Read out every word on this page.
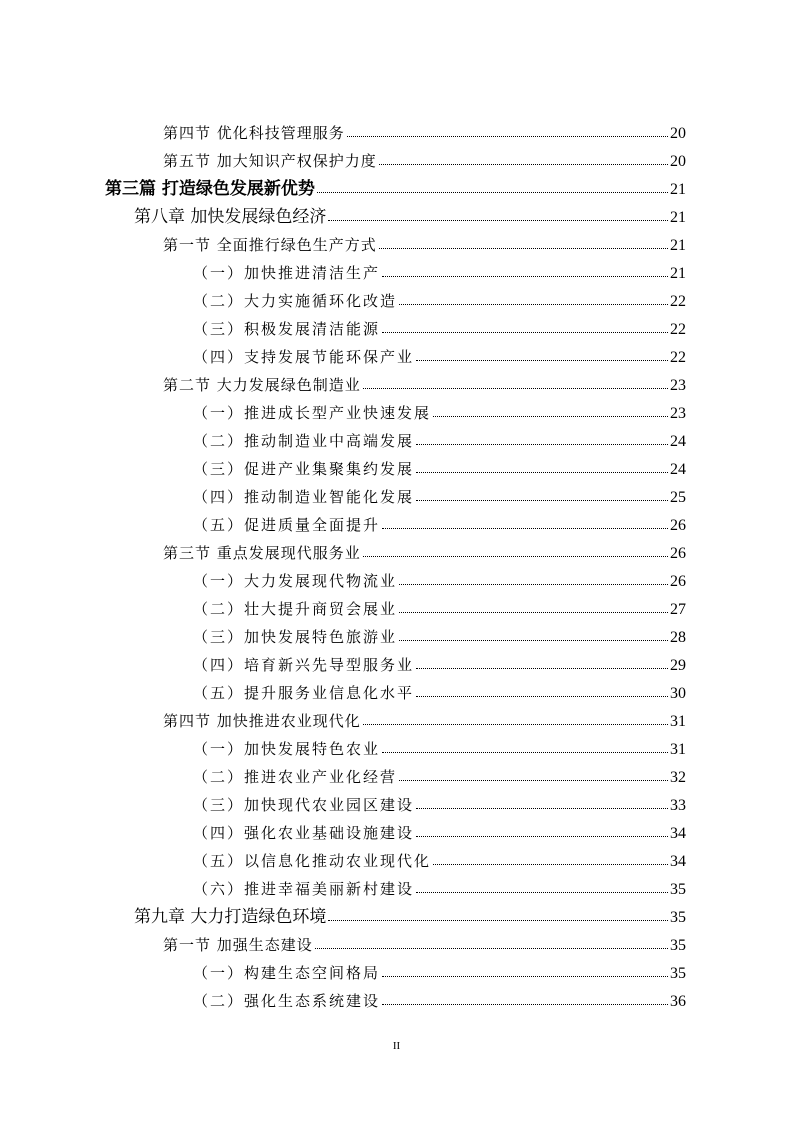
第四节 优化科技管理服务	20
第五节 加大知识产权保护力度	20
第三篇 打造绿色发展新优势	21
第八章 加快发展绿色经济	21
第一节 全面推行绿色生产方式	21
（一）加快推进清洁生产	21
（二）大力实施循环化改造	22
（三）积极发展清洁能源	22
（四）支持发展节能环保产业	22
第二节 大力发展绿色制造业	23
（一）推进成长型产业快速发展	23
（二）推动制造业中高端发展	24
（三）促进产业集聚集约发展	24
（四）推动制造业智能化发展	25
（五）促进质量全面提升	26
第三节 重点发展现代服务业	26
（一）大力发展现代物流业	26
（二）壮大提升商贸会展业	27
（三）加快发展特色旅游业	28
（四）培育新兴先导型服务业	29
（五）提升服务业信息化水平	30
第四节 加快推进农业现代化	31
（一）加快发展特色农业	31
（二）推进农业产业化经营	32
（三）加快现代农业园区建设	33
（四）强化农业基础设施建设	34
（五）以信息化推动农业现代化	34
（六）推进幸福美丽新村建设	35
第九章 大力打造绿色环境	35
第一节 加强生态建设	35
（一）构建生态空间格局	35
（二）强化生态系统建设	36
II
